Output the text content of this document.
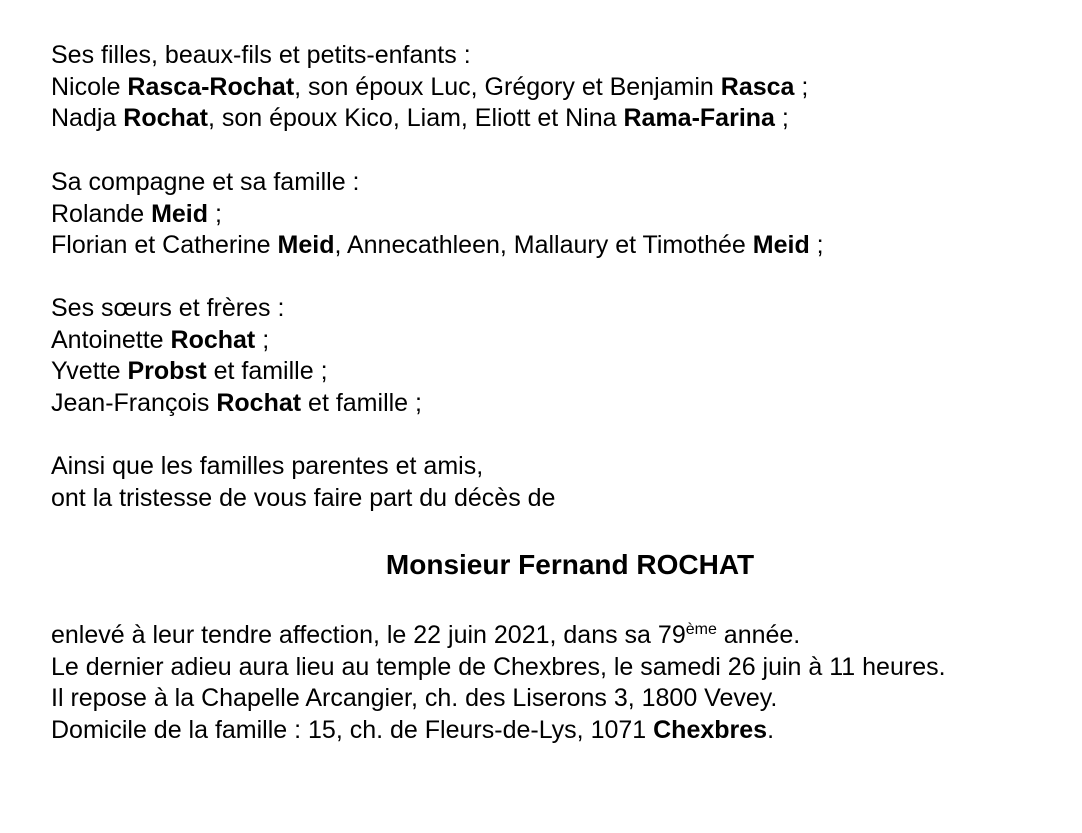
Ses filles, beaux-fils et petits-enfants :
Nicole Rasca-Rochat, son époux Luc, Grégory et Benjamin Rasca ;
Nadja Rochat, son époux Kico, Liam, Eliott et Nina Rama-Farina ;
Sa compagne et sa famille :
Rolande Meid ;
Florian et Catherine Meid, Annecathleen, Mallaury et Timothée Meid ;
Ses sœurs et frères :
Antoinette Rochat ;
Yvette Probst et famille ;
Jean-François Rochat et famille ;
Ainsi que les familles parentes et amis,
ont la tristesse de vous faire part du décès de
Monsieur Fernand ROCHAT
enlevé à leur tendre affection, le 22 juin 2021, dans sa 79ème année.
Le dernier adieu aura lieu au temple de Chexbres, le samedi 26 juin à 11 heures.
Il repose à la Chapelle Arcangier, ch. des Liserons 3, 1800 Vevey.
Domicile de la famille : 15, ch. de Fleurs-de-Lys, 1071 Chexbres.
